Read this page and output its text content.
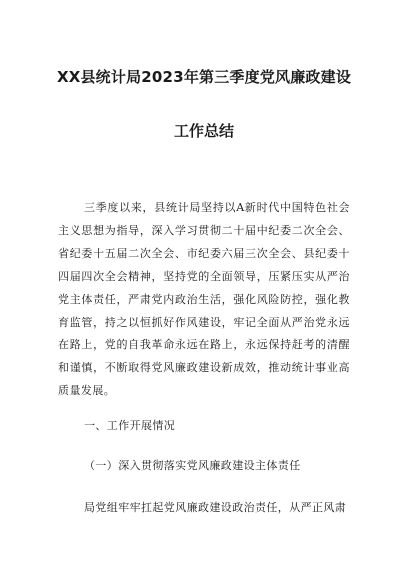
XX县统计局2023年第三季度党风廉政建设
工作总结
三季度以来，县统计局坚持以A新时代中国特色社会
主义思想为指导，深入学习贯彻二十届中纪委二次全会、
省纪委十五届二次全会、市纪委六届三次全会、县纪委十
四届四次全会精神，坚持党的全面领导，压紧压实从严治
党主体责任，严肃党内政治生活，强化风险防控，强化教
育监管，持之以恒抓好作风建设，牢记全面从严治党永远
在路上，党的自我革命永远在路上，永远保持赶考的清醒
和谨慎，不断取得党风廉政建设新成效，推动统计事业高
质量发展。
一、工作开展情况
（一）深入贯彻落实党风廉政建设主体责任
局党组牢牢扛起党风廉政建设政治责任，从严正风肃
